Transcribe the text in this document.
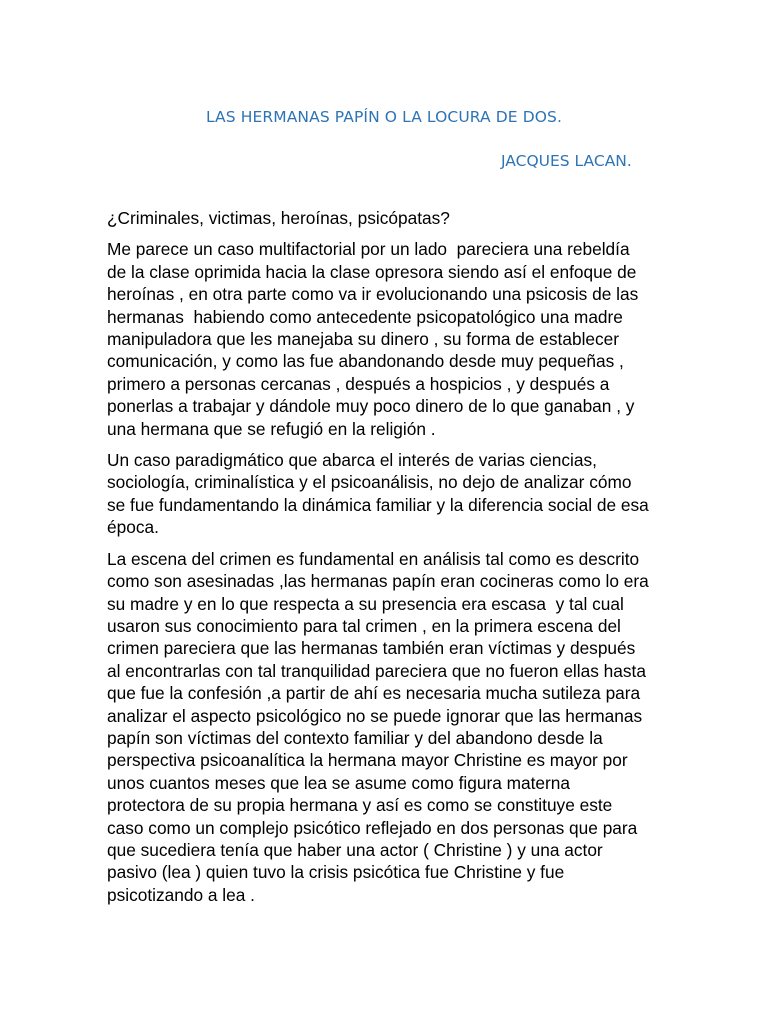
LAS HERMANAS PAPÍN O LA LOCURA DE DOS.
JACQUES LACAN.
¿Criminales, victimas, heroínas, psicópatas?
Me parece un caso multifactorial por un lado  pareciera una rebeldía
de la clase oprimida hacia la clase opresora siendo así el enfoque de
heroínas , en otra parte como va ir evolucionando una psicosis de las
hermanas  habiendo como antecedente psicopatológico una madre
manipuladora que les manejaba su dinero , su forma de establecer
comunicación, y como las fue abandonando desde muy pequeñas ,
primero a personas cercanas , después a hospicios , y después a
ponerlas a trabajar y dándole muy poco dinero de lo que ganaban , y
una hermana que se refugió en la religión .
Un caso paradigmático que abarca el interés de varias ciencias,
sociología, criminalística y el psicoanálisis, no dejo de analizar cómo
se fue fundamentando la dinámica familiar y la diferencia social de esa
época.
La escena del crimen es fundamental en análisis tal como es descrito
como son asesinadas ,las hermanas papín eran cocineras como lo era
su madre y en lo que respecta a su presencia era escasa  y tal cual
usaron sus conocimiento para tal crimen , en la primera escena del
crimen pareciera que las hermanas también eran víctimas y después
al encontrarlas con tal tranquilidad pareciera que no fueron ellas hasta
que fue la confesión ,a partir de ahí es necesaria mucha sutileza para
analizar el aspecto psicológico no se puede ignorar que las hermanas
papín son víctimas del contexto familiar y del abandono desde la
perspectiva psicoanalítica la hermana mayor Christine es mayor por
unos cuantos meses que lea se asume como figura materna
protectora de su propia hermana y así es como se constituye este
caso como un complejo psicótico reflejado en dos personas que para
que sucediera tenía que haber una actor ( Christine ) y una actor
pasivo (lea ) quien tuvo la crisis psicótica fue Christine y fue
psicotizando a lea .
